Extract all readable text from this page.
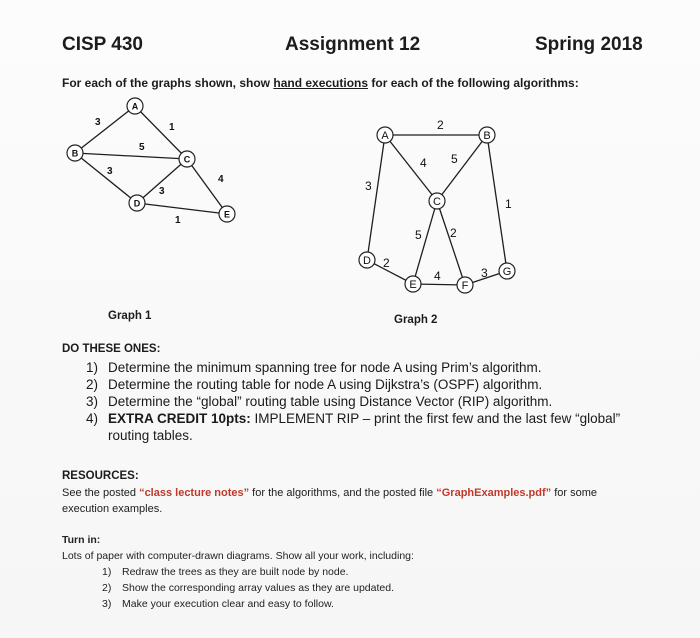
CISP 430	Assignment 12	Spring 2018
For each of the graphs shown, show hand executions for each of the following algorithms:
3	1
5
3
3
4
1
A
B
C
D
E
Graph 1
2
4 5
3
1
5 2
2
4	3
A	B
C
D
E	F
G
Graph 2
DO THESE ONES:
1) Determine the minimum spanning tree for node A using Prim’s algorithm.
2) Determine the routing table for node A using Dijkstra’s (OSPF) algorithm.
3) Determine the “global” routing table using Distance Vector (RIP) algorithm.
4) EXTRA CREDIT 10pts: IMPLEMENT RIP – print the first few and the last few “global” routing tables.
RESOURCES:
See the posted “class lecture notes” for the algorithms, and the posted file “GraphExamples.pdf” for some execution examples.
Turn in:
Lots of paper with computer-drawn diagrams. Show all your work, including:
1) Redraw the trees as they are built node by node.
2) Show the corresponding array values as they are updated.
3) Make your execution clear and easy to follow.
